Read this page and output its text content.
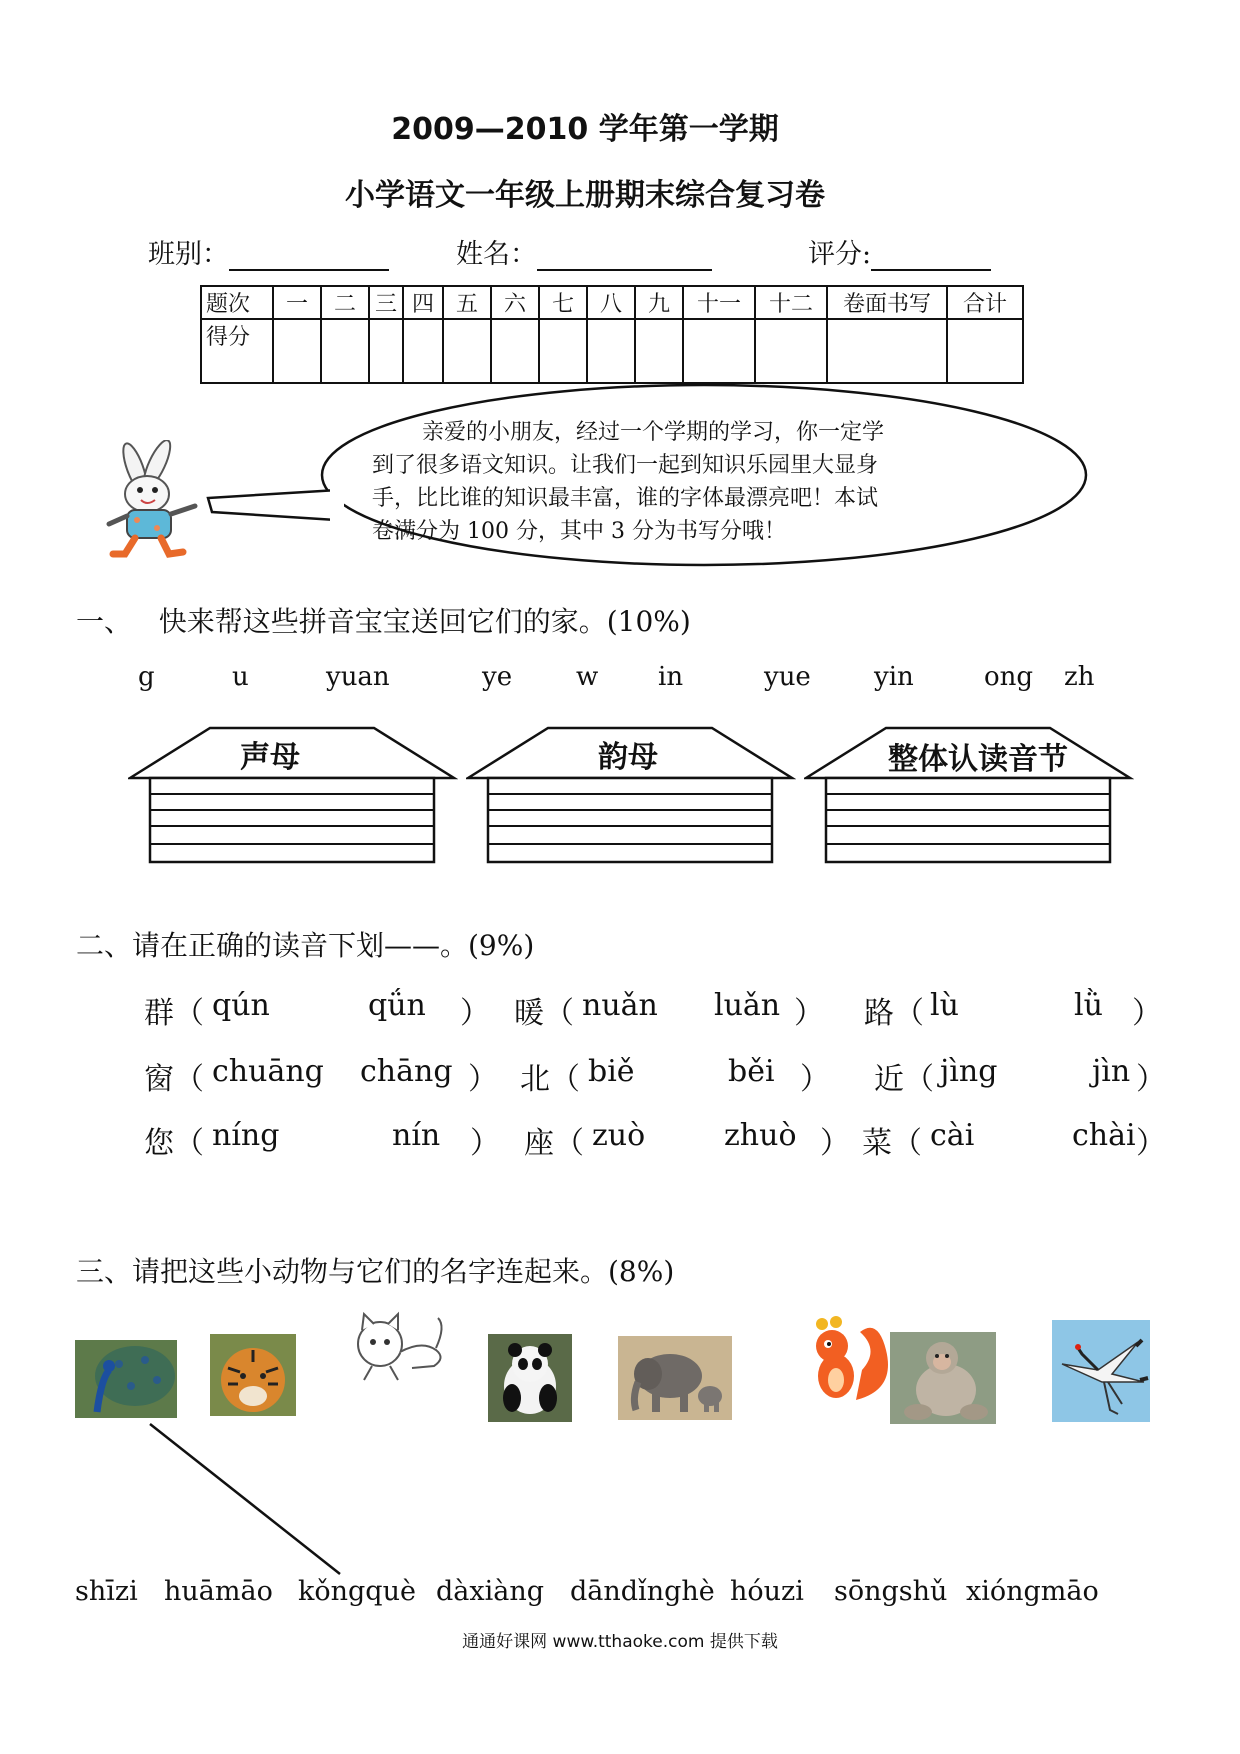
2009—2010 学年第一学期
小学语文一年级上册期末综合复习卷
班别：	姓名：	评分:
题次	一	二	三	四	五	六	七	八	九	十一	十二	卷面书写	合计
得分													
亲爱的小朋友，经过一个学期的学习，你一定学
到了很多语文知识。让我们一起到知识乐园里大显身
手，比比谁的知识最丰富，谁的字体最漂亮吧！本试
卷满分为 100 分，其中 3 分为书写分哦！
一、   快来帮这些拼音宝宝送回它们的家。(10%)
g	u	yuan	ye w in	yue yin	ong zh
声母	韵母	整体认读音节
二、请在正确的读音下划——。(9%)
群（ qún	qǘn ） 暖（ nuǎn luǎn ） 路（ lù	lǜ ）
窗（ chuāng chāng ） 北（ biě	běi ） 近（ jìng	jìn ）
您（ níng	nín ） 座（ zuò	zhuò ） 菜（ cài	chài ）
三、请把这些小动物与它们的名字连起来。(8%)
shīzi huāmāo kǒngquè dàxiàng dāndǐnghè hóuzi sōngshǔ xióngmāo
通通好课网 www.tthaoke.com 提供下载
